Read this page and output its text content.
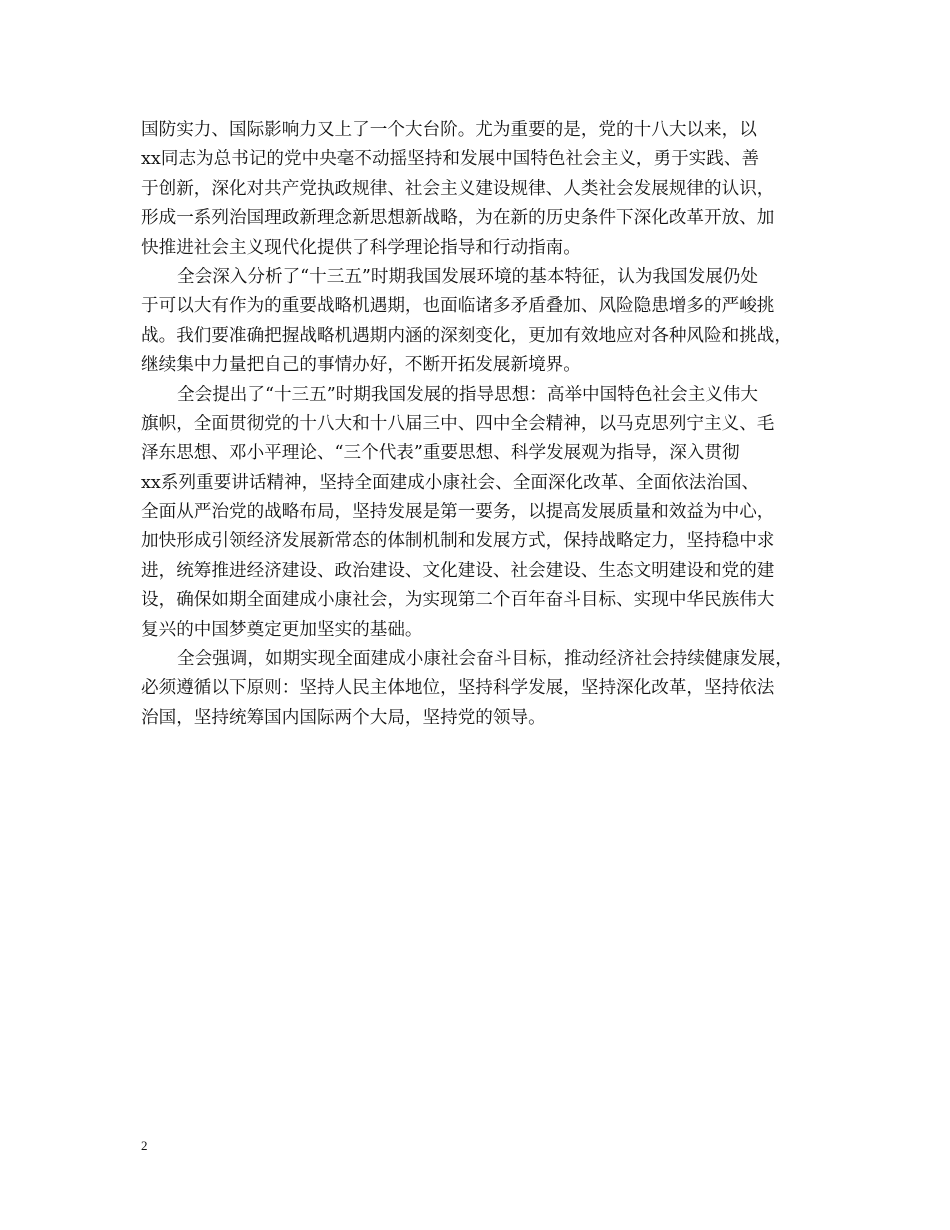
国防实力、国际影响力又上了一个大台阶。尤为重要的是，党的十八大以来，以
xx同志为总书记的党中央毫不动摇坚持和发展中国特色社会主义，勇于实践、善
于创新，深化对共产党执政规律、社会主义建设规律、人类社会发展规律的认识，
形成一系列治国理政新理念新思想新战略，为在新的历史条件下深化改革开放、加
快推进社会主义现代化提供了科学理论指导和行动指南。
全会深入分析了“十三五”时期我国发展环境的基本特征，认为我国发展仍处
于可以大有作为的重要战略机遇期，也面临诸多矛盾叠加、风险隐患增多的严峻挑
战。我们要准确把握战略机遇期内涵的深刻变化，更加有效地应对各种风险和挑战，
继续集中力量把自己的事情办好，不断开拓发展新境界。
全会提出了“十三五”时期我国发展的指导思想：高举中国特色社会主义伟大
旗帜，全面贯彻党的十八大和十八届三中、四中全会精神，以马克思列宁主义、毛
泽东思想、邓小平理论、“三个代表”重要思想、科学发展观为指导，深入贯彻
xx系列重要讲话精神，坚持全面建成小康社会、全面深化改革、全面依法治国、
全面从严治党的战略布局，坚持发展是第一要务，以提高发展质量和效益为中心，
加快形成引领经济发展新常态的体制机制和发展方式，保持战略定力，坚持稳中求
进，统筹推进经济建设、政治建设、文化建设、社会建设、生态文明建设和党的建
设，确保如期全面建成小康社会，为实现第二个百年奋斗目标、实现中华民族伟大
复兴的中国梦奠定更加坚实的基础。
全会强调，如期实现全面建成小康社会奋斗目标，推动经济社会持续健康发展，
必须遵循以下原则：坚持人民主体地位，坚持科学发展，坚持深化改革，坚持依法
治国，坚持统筹国内国际两个大局，坚持党的领导。
2
